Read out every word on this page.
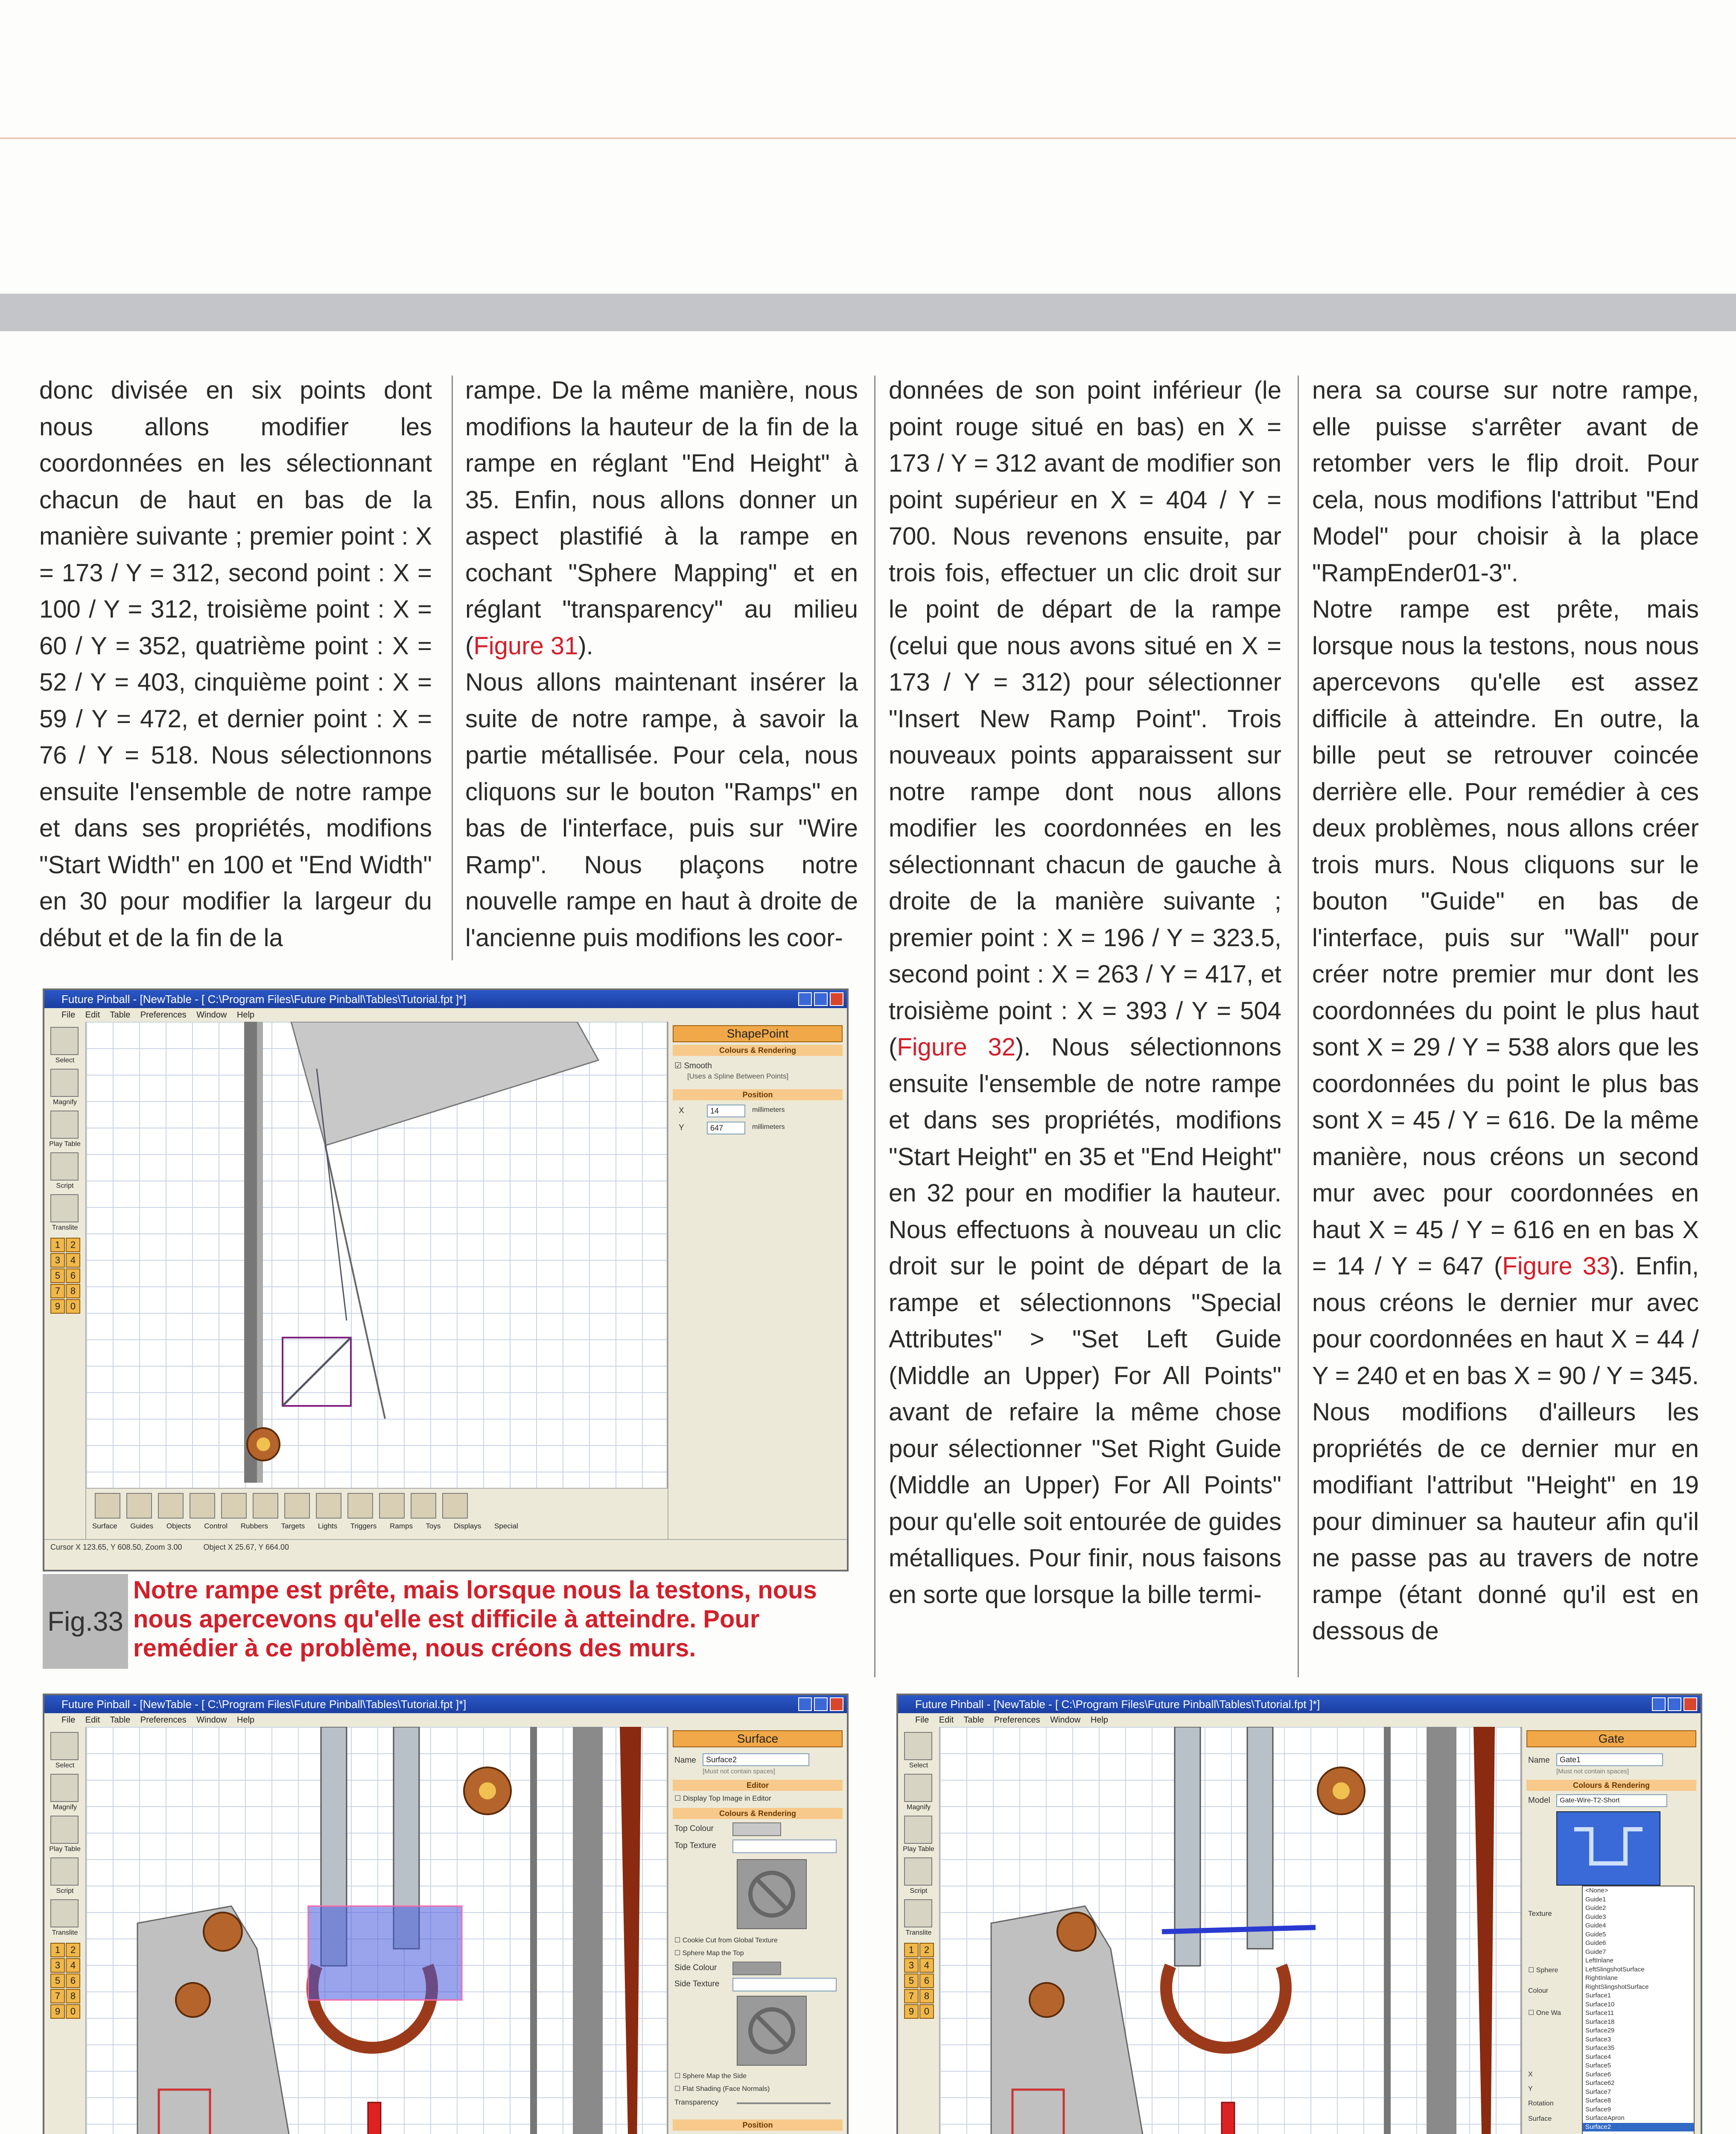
donc divisée en six points dont nous allons modifier les coordonnées en les sélectionnant chacun de haut en bas de la manière suivante ; premier point : X = 173 / Y = 312, second point : X = 100 / Y = 312, troisième point : X = 60 / Y = 352, quatrième point : X = 52 / Y = 403, cinquième point : X = 59 / Y = 472, et dernier point : X = 76 / Y = 518. Nous sélectionnons ensuite l'ensemble de notre rampe et dans ses propriétés, modifions "Start Width" en 100 et "End Width" en 30 pour modifier la largeur du début et de la fin de la

rampe. De la même manière, nous modifions la hauteur de la fin de la rampe en réglant "End Height" à 35. Enfin, nous allons donner un aspect plastifié à la rampe en cochant "Sphere Mapping" et en réglant "transparency" au milieu (Figure 31).

Nous allons maintenant insérer la suite de notre rampe, à savoir la partie métallisée. Pour cela, nous cliquons sur le bouton "Ramps" en bas de l'interface, puis sur "Wire Ramp". Nous plaçons notre nouvelle rampe en haut à droite de l'ancienne puis modifions les coor-

données de son point inférieur (le point rouge situé en bas) en X = 173 / Y = 312 avant de modifier son point supérieur en X = 404 / Y = 700. Nous revenons ensuite, par trois fois, effectuer un clic droit sur le point de départ de la rampe (celui que nous avons situé en X = 173 / Y = 312) pour sélectionner "Insert New Ramp Point". Trois nouveaux points apparaissent sur notre rampe dont nous allons modifier les coordonnées en les sélectionnant chacun de gauche à droite de la manière suivante ; premier point : X = 196 / Y = 323.5, second point : X = 263 / Y = 417, et troisième point : X = 393 / Y = 504 (Figure 32). Nous sélectionnons ensuite l'ensemble de notre rampe et dans ses propriétés, modifions "Start Height" en 35 et "End Height" en 32 pour en modifier la hauteur. Nous effectuons à nouveau un clic droit sur le point de départ de la rampe et sélectionnons "Special Attributes" > "Set Left Guide (Middle an Upper) For All Points" avant de refaire la même chose pour sélectionner "Set Right Guide (Middle an Upper) For All Points" pour qu'elle soit entourée de guides métalliques. Pour finir, nous faisons en sorte que lorsque la bille termi-

nera sa course sur notre rampe, elle puisse s'arrêter avant de retomber vers le flip droit. Pour cela, nous modifions l'attribut "End Model" pour choisir à la place "RampEnder01-3".

Notre rampe est prête, mais lorsque nous la testons, nous nous apercevons qu'elle est assez difficile à atteindre. En outre, la bille peut se retrouver coincée derrière elle. Pour remédier à ces deux problèmes, nous allons créer trois murs. Nous cliquons sur le bouton "Guide" en bas de l'interface, puis sur "Wall" pour créer notre premier mur dont les coordonnées du point le plus haut sont X = 29 / Y = 538 alors que les coordonnées du point le plus bas sont X = 45 / Y = 616. De la même manière, nous créons un second mur avec pour coordonnées en haut X = 45 / Y = 616 en en bas X = 14 / Y = 647 (Figure 33). Enfin, nous créons le dernier mur avec pour coordonnées en haut X = 44 / Y = 240 et en bas X = 90 / Y = 345. Nous modifions d'ailleurs les propriétés de ce dernier mur en modifiant l'attribut "Height" en 19 pour diminuer sa hauteur afin qu'il ne passe pas au travers de notre rampe (étant donné qu'il est en dessous de

Future Pinball - [NewTable - [ C:\Program Files\Future Pinball\Tables\Tutorial.fpt ]*]
File Edit Table Preferences Window Help
Select
Magnify
Play Table
Script
Translite
1	2
3	4
5	6
7	8
9	0
ShapePoint
Colours & Rendering
☑ Smooth
[Uses a Spline Between Points]
Position
X	14	millimeters
Y	647	millimeters
Surface Guides Objects Control Rubbers Targets Lights Triggers Ramps Toys Displays Special
Cursor X 123.65, Y 608.50, Zoom 3.00          Object X 25.67, Y 664.00
Fig.33
Notre rampe est prête, mais lorsque nous la testons, nous nous apercevons qu'elle est difficile à atteindre. Pour remédier à ce problème, nous créons des murs.
Future Pinball - [NewTable - [ C:\Program Files\Future Pinball\Tables\Tutorial.fpt ]*]
File Edit Table Preferences Window Help
Select
Magnify
Play Table
Script
Translite
1	2
3	4
5	6
7	8
9	0
Surface
Name	Surface2
[Must not contain spaces]
Editor
☐ Display Top Image in Editor
Colours & Rendering
Top Colour
Top Texture
☐ Cookie Cut from Global Texture
☐ Sphere Map the Top
Side Colour
Side Texture
☐ Sphere Map the Side
☐ Flat Shading (Face Normals)
Transparency
Position
Future Pinball - [NewTable - [ C:\Program Files\Future Pinball\Tables\Tutorial.fpt ]*]
File Edit Table Preferences Window Help
Select
Magnify
Play Table
Script
Translite
1	2
3	4
5	6
7	8
9	0
Gate
Name	Gate1
[Must not contain spaces]
Colours & Rendering
Model	Gate-Wire-T2-Short
Texture
☐ Sphere
Colour
☐ One Wa
X
Y
Rotation
Surface
<None>
Guide1
Guide2
Guide3
Guide4
Guide5
Guide6
Guide7
LeftInlane
LeftSlingshotSurface
RightInlane
RightSlingshotSurface
Surface1
Surface10
Surface11
Surface18
Surface29
Surface3
Surface35
Surface4
Surface5
Surface6
Surface62
Surface7
Surface8
Surface9
SurfaceApron
Surface2
